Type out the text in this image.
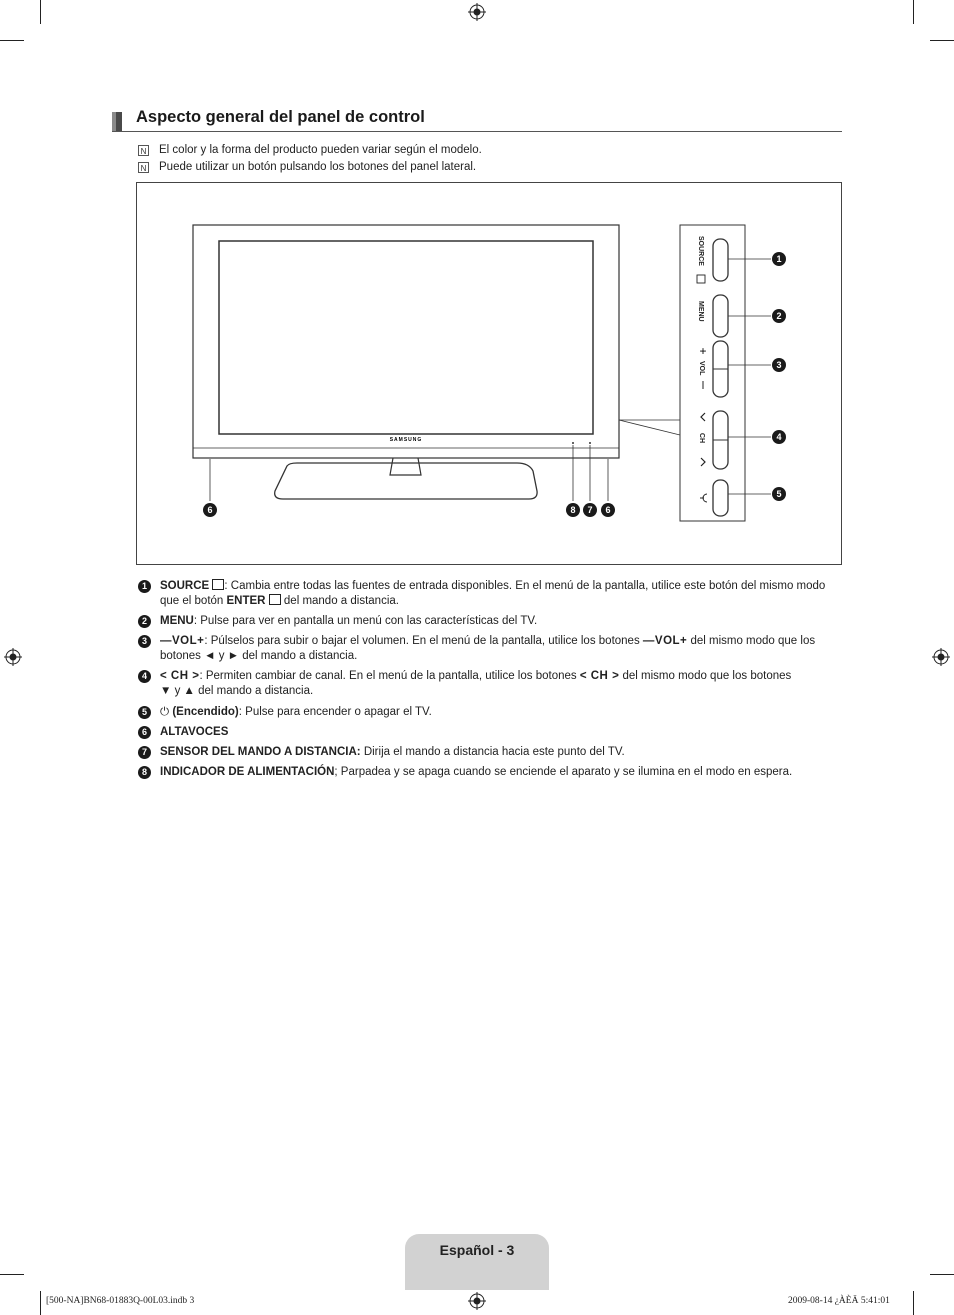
Aspecto general del panel de control
N El color y la forma del producto pueden variar según el modelo.
N Puede utilizar un botón pulsando los botones del panel lateral.
SAMSUNG
SOURCE
MENU
VOL
CH
+
1
2
3
4
5
6	8 7 6
1	SOURCE : Cambia entre todas las fuentes de entrada disponibles. En el menú de la pantalla, utilice este botón del mismo modo
que el botón ENTER  del mando a distancia.
2	MENU: Pulse para ver en pantalla un menú con las características del TV.
3	—VOL+: Púlselos para subir o bajar el volumen. En el menú de la pantalla, utilice los botones —VOL+ del mismo modo que los
botones ◄ y ► del mando a distancia.
4	< CH >: Permiten cambiar de canal. En el menú de la pantalla, utilice los botones < CH > del mismo modo que los botones
▼ y ▲ del mando a distancia.
5	⏻ (Encendido): Pulse para encender o apagar el TV.
6	ALTAVOCES
7	SENSOR DEL MANDO A DISTANCIA: Dirija el mando a distancia hacia este punto del TV.
8	INDICADOR DE ALIMENTACIÓN; Parpadea y se apaga cuando se enciende el aparato y se ilumina en el modo en espera.
Español - 3
[500-NA]BN68-01883Q-00L03.indb 3	2009-08-14 ¿ÀÈÄ 5:41:01
